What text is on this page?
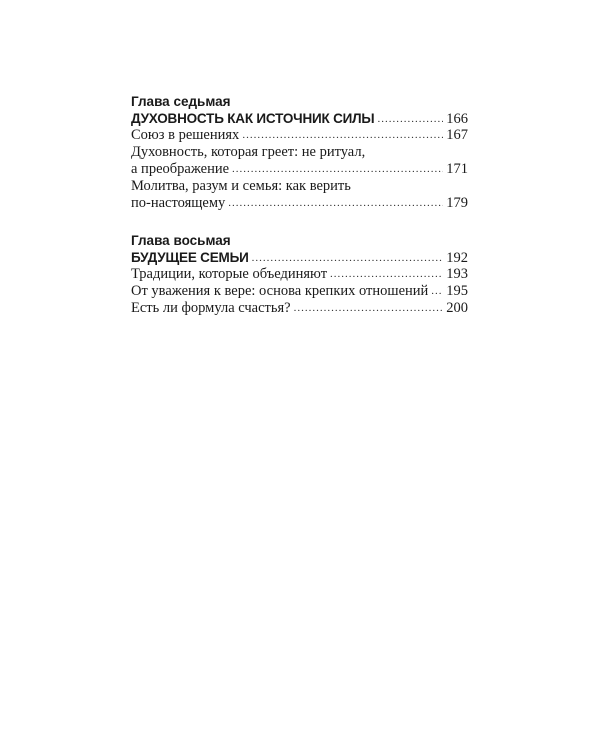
Глава седьмая
ДУХОВНОСТЬ КАК ИСТОЧНИК СИЛЫ .....	166
Союз в решениях .....	167
Духовность, которая греет: не ритуал,
а преображение .....	171
Молитва, разум и семья: как верить
по-настоящему .....	179
Глава восьмая
БУДУЩЕЕ СЕМЬИ .....	192
Традиции, которые объединяют .....	193
От уважения к вере: основа крепких отношений ..... 195
Есть ли формула счастья? .....	200
